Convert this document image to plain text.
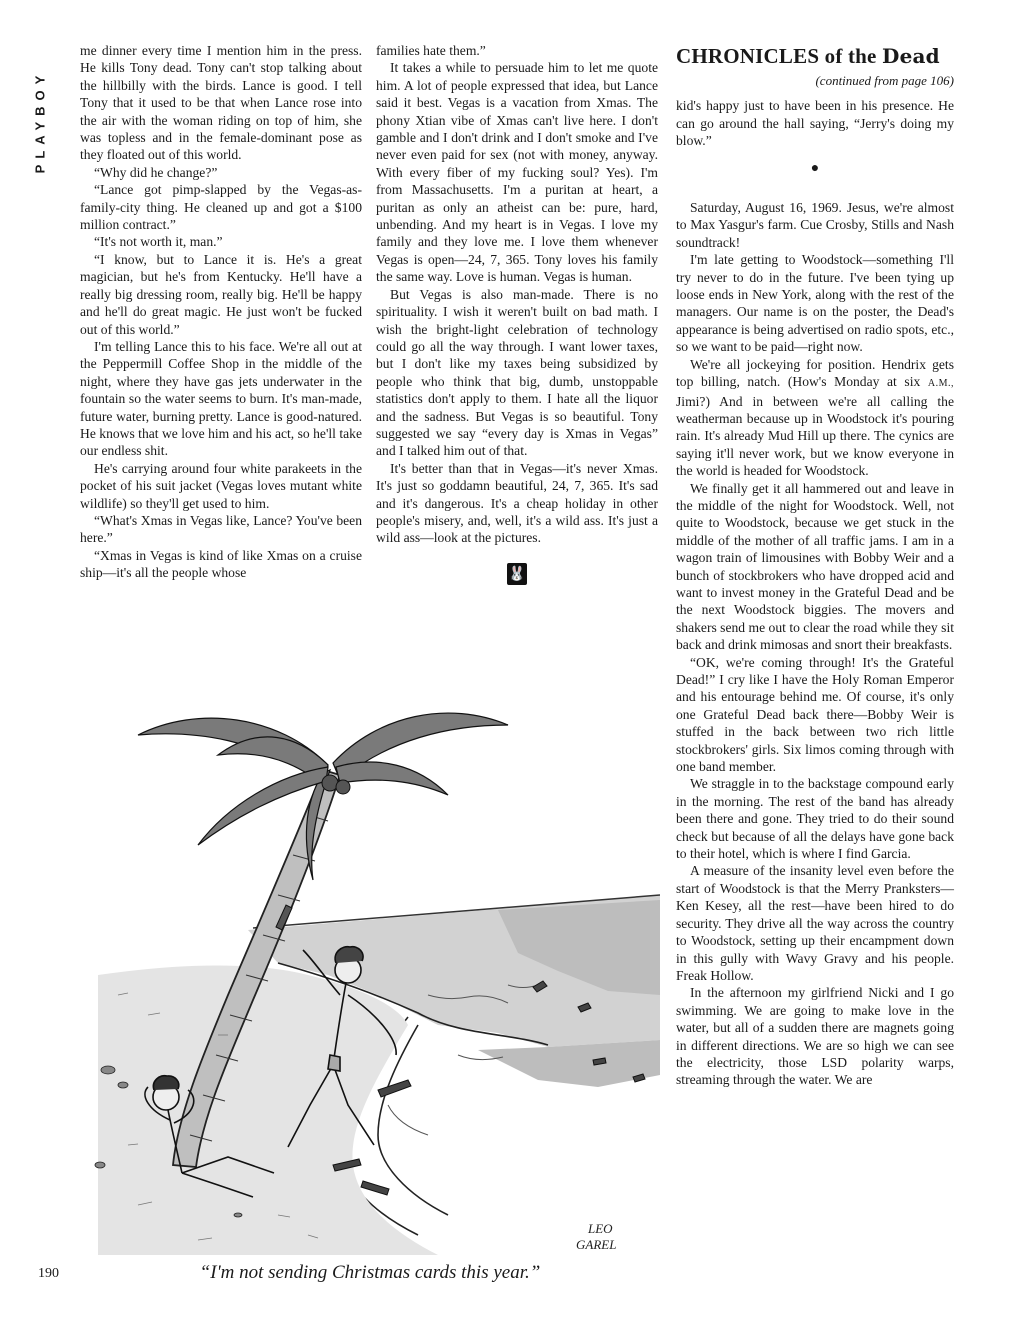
PLAYBOY

me dinner every time I mention him in the press. He kills Tony dead. Tony can't stop talking about the hillbilly with the birds. Lance is good. I tell Tony that it used to be that when Lance rose into the air with the woman riding on top of him, she was topless and in the female-dominant pose as they floated out of this world.

“Why did he change?”

“Lance got pimp-slapped by the Vegas-as-family-city thing. He cleaned up and got a $100 million contract.”

“It's not worth it, man.”

“I know, but to Lance it is. He's a great magician, but he's from Kentucky. He'll have a really big dressing room, really big. He'll be happy and he'll do great magic. He just won't be fucked out of this world.”

I'm telling Lance this to his face. We're all out at the Peppermill Coffee Shop in the middle of the night, where they have gas jets underwater in the fountain so the water seems to burn. It's man-made, future water, burning pretty. Lance is good-natured. He knows that we love him and his act, so he'll take our endless shit.

He's carrying around four white parakeets in the pocket of his suit jacket (Vegas loves mutant white wildlife) so they'll get used to him.

“What's Xmas in Vegas like, Lance? You've been here.”

“Xmas in Vegas is kind of like Xmas on a cruise ship—it's all the people whose

families hate them.”

It takes a while to persuade him to let me quote him. A lot of people expressed that idea, but Lance said it best. Vegas is a vacation from Xmas. The phony Xtian vibe of Xmas can't live here. I don't gamble and I don't drink and I don't smoke and I've never even paid for sex (not with money, anyway. With every fiber of my fucking soul? Yes). I'm from Massachusetts. I'm a puritan at heart, a puritan as only an atheist can be: pure, hard, unbending. And my heart is in Vegas. I love my family and they love me. I love them whenever Vegas is open—24, 7, 365. Tony loves his family the same way. Love is human. Vegas is human.

But Vegas is also man-made. There is no spirituality. I wish it weren't built on bad math. I wish the bright-light celebration of technology could go all the way through. I want lower taxes, but I don't like my taxes being subsidized by people who think that big, dumb, unstoppable statistics don't apply to them. I hate all the liquor and the sadness. But Vegas is so beautiful. Tony suggested we say “every day is Xmas in Vegas” and I talked him out of that.

It's better than that in Vegas—it's never Xmas. It's just so goddamn beautiful, 24, 7, 365. It's sad and it's dangerous. It's a cheap holiday in other people's misery, and, well, it's a wild ass. It's just a wild ass—look at the pictures.

🐰
CHRONICLES of the Dead
(continued from page 106)

kid's happy just to have been in his presence. He can go around the hall saying, “Jerry's doing my blow.”

●

Saturday, August 16, 1969. Jesus, we're almost to Max Yasgur's farm. Cue Crosby, Stills and Nash soundtrack!

I'm late getting to Woodstock—something I'll try never to do in the future. I've been tying up loose ends in New York, along with the rest of the managers. Our name is on the poster, the Dead's appearance is being advertised on radio spots, etc., so we want to be paid—right now.

We're all jockeying for position. Hendrix gets top billing, natch. (How's Monday at six A.M., Jimi?) And in between we're all calling the weatherman because up in Woodstock it's pouring rain. It's already Mud Hill up there. The cynics are saying it'll never work, but we know everyone in the world is headed for Woodstock.

We finally get it all hammered out and leave in the middle of the night for Woodstock. Well, not quite to Woodstock, because we get stuck in the middle of the mother of all traffic jams. I am in a wagon train of limousines with Bobby Weir and a bunch of stockbrokers who have dropped acid and want to invest money in the Grateful Dead and be the next Woodstock biggies. The movers and shakers send me out to clear the road while they sit back and drink mimosas and snort their breakfasts.

“OK, we're coming through! It's the Grateful Dead!” I cry like I have the Holy Roman Emperor and his entourage behind me. Of course, it's only one Grateful Dead back there—Bobby Weir is stuffed in the back between two rich little stockbrokers' girls. Six limos coming through with one band member.

We straggle in to the backstage compound early in the morning. The rest of the band has already been there and gone. They tried to do their sound check but because of all the delays have gone back to their hotel, which is where I find Garcia.

A measure of the insanity level even before the start of Woodstock is that the Merry Pranksters—Ken Kesey, all the rest—have been hired to do security. They drive all the way across the country to Woodstock, setting up their encampment down in this gully with Wavy Gravy and his people. Freak Hollow.

In the afternoon my girlfriend Nicki and I go swimming. We are going to make love in the water, but all of a sudden there are magnets going in different directions. We are so high we can see the electricity, those LSD polarity warps, streaming through the water. We are

LEO
GAREL
190	“I'm not sending Christmas cards this year.”
